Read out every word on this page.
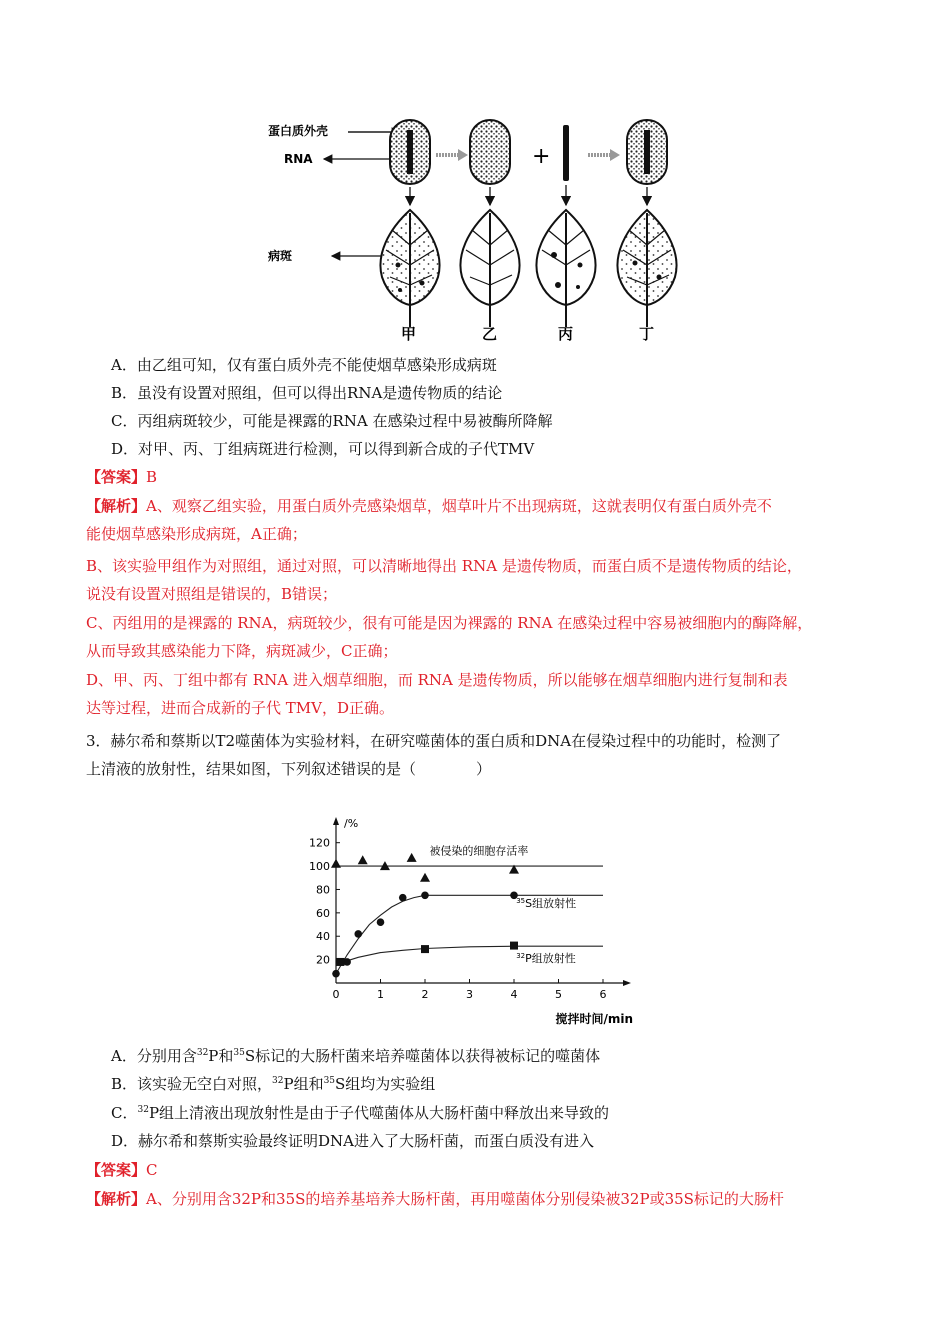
蛋白质外壳
RNA
病斑
+
甲	乙	丙	丁
A．由乙组可知，仅有蛋白质外壳不能使烟草感染形成病斑
B．虽没有设置对照组，但可以得出RNA是遗传物质的结论
C．丙组病斑较少，可能是裸露的RNA 在感染过程中易被酶所降解
D．对甲、丙、丁组病斑进行检测，可以得到新合成的子代TMV
【答案】B
【解析】A、观察乙组实验，用蛋白质外壳感染烟草，烟草叶片不出现病斑，这就表明仅有蛋白质外壳不
能使烟草感染形成病斑，A正确；
B、该实验甲组作为对照组，通过对照，可以清晰地得出 RNA 是遗传物质，而蛋白质不是遗传物质的结论，
说没有设置对照组是错误的，B错误；
C、丙组用的是裸露的 RNA，病斑较少，很有可能是因为裸露的 RNA 在感染过程中容易被细胞内的酶降解，
从而导致其感染能力下降，病斑减少，C正确；
D、甲、丙、丁组中都有 RNA 进入烟草细胞，而 RNA 是遗传物质，所以能够在烟草细胞内进行复制和表
达等过程，进而合成新的子代 TMV，D正确。
3．赫尔希和蔡斯以T2噬菌体为实验材料，在研究噬菌体的蛋白质和DNA在侵染过程中的功能时，检测了
上清液的放射性，结果如图，下列叙述错误的是（　　　　）
0	1	2	3	4	5	6
20
40
60
80
100
120
/%
搅拌时间/min
被侵染的细胞存活率
$^{35}$S组放射性
$^{32}$P组放射性
A．分别用含$^{32}$P和$^{35}$S标记的大肠杆菌来培养噬菌体以获得被标记的噬菌体
B．该实验无空白对照，$^{32}$P组和$^{35}$S组均为实验组
C．$^{32}$P组上清液出现放射性是由于子代噬菌体从大肠杆菌中释放出来导致的
D．赫尔希和蔡斯实验最终证明DNA进入了大肠杆菌，而蛋白质没有进入
【答案】C
【解析】A、分别用含32P和35S的培养基培养大肠杆菌，再用噬菌体分别侵染被32P或35S标记的大肠杆
